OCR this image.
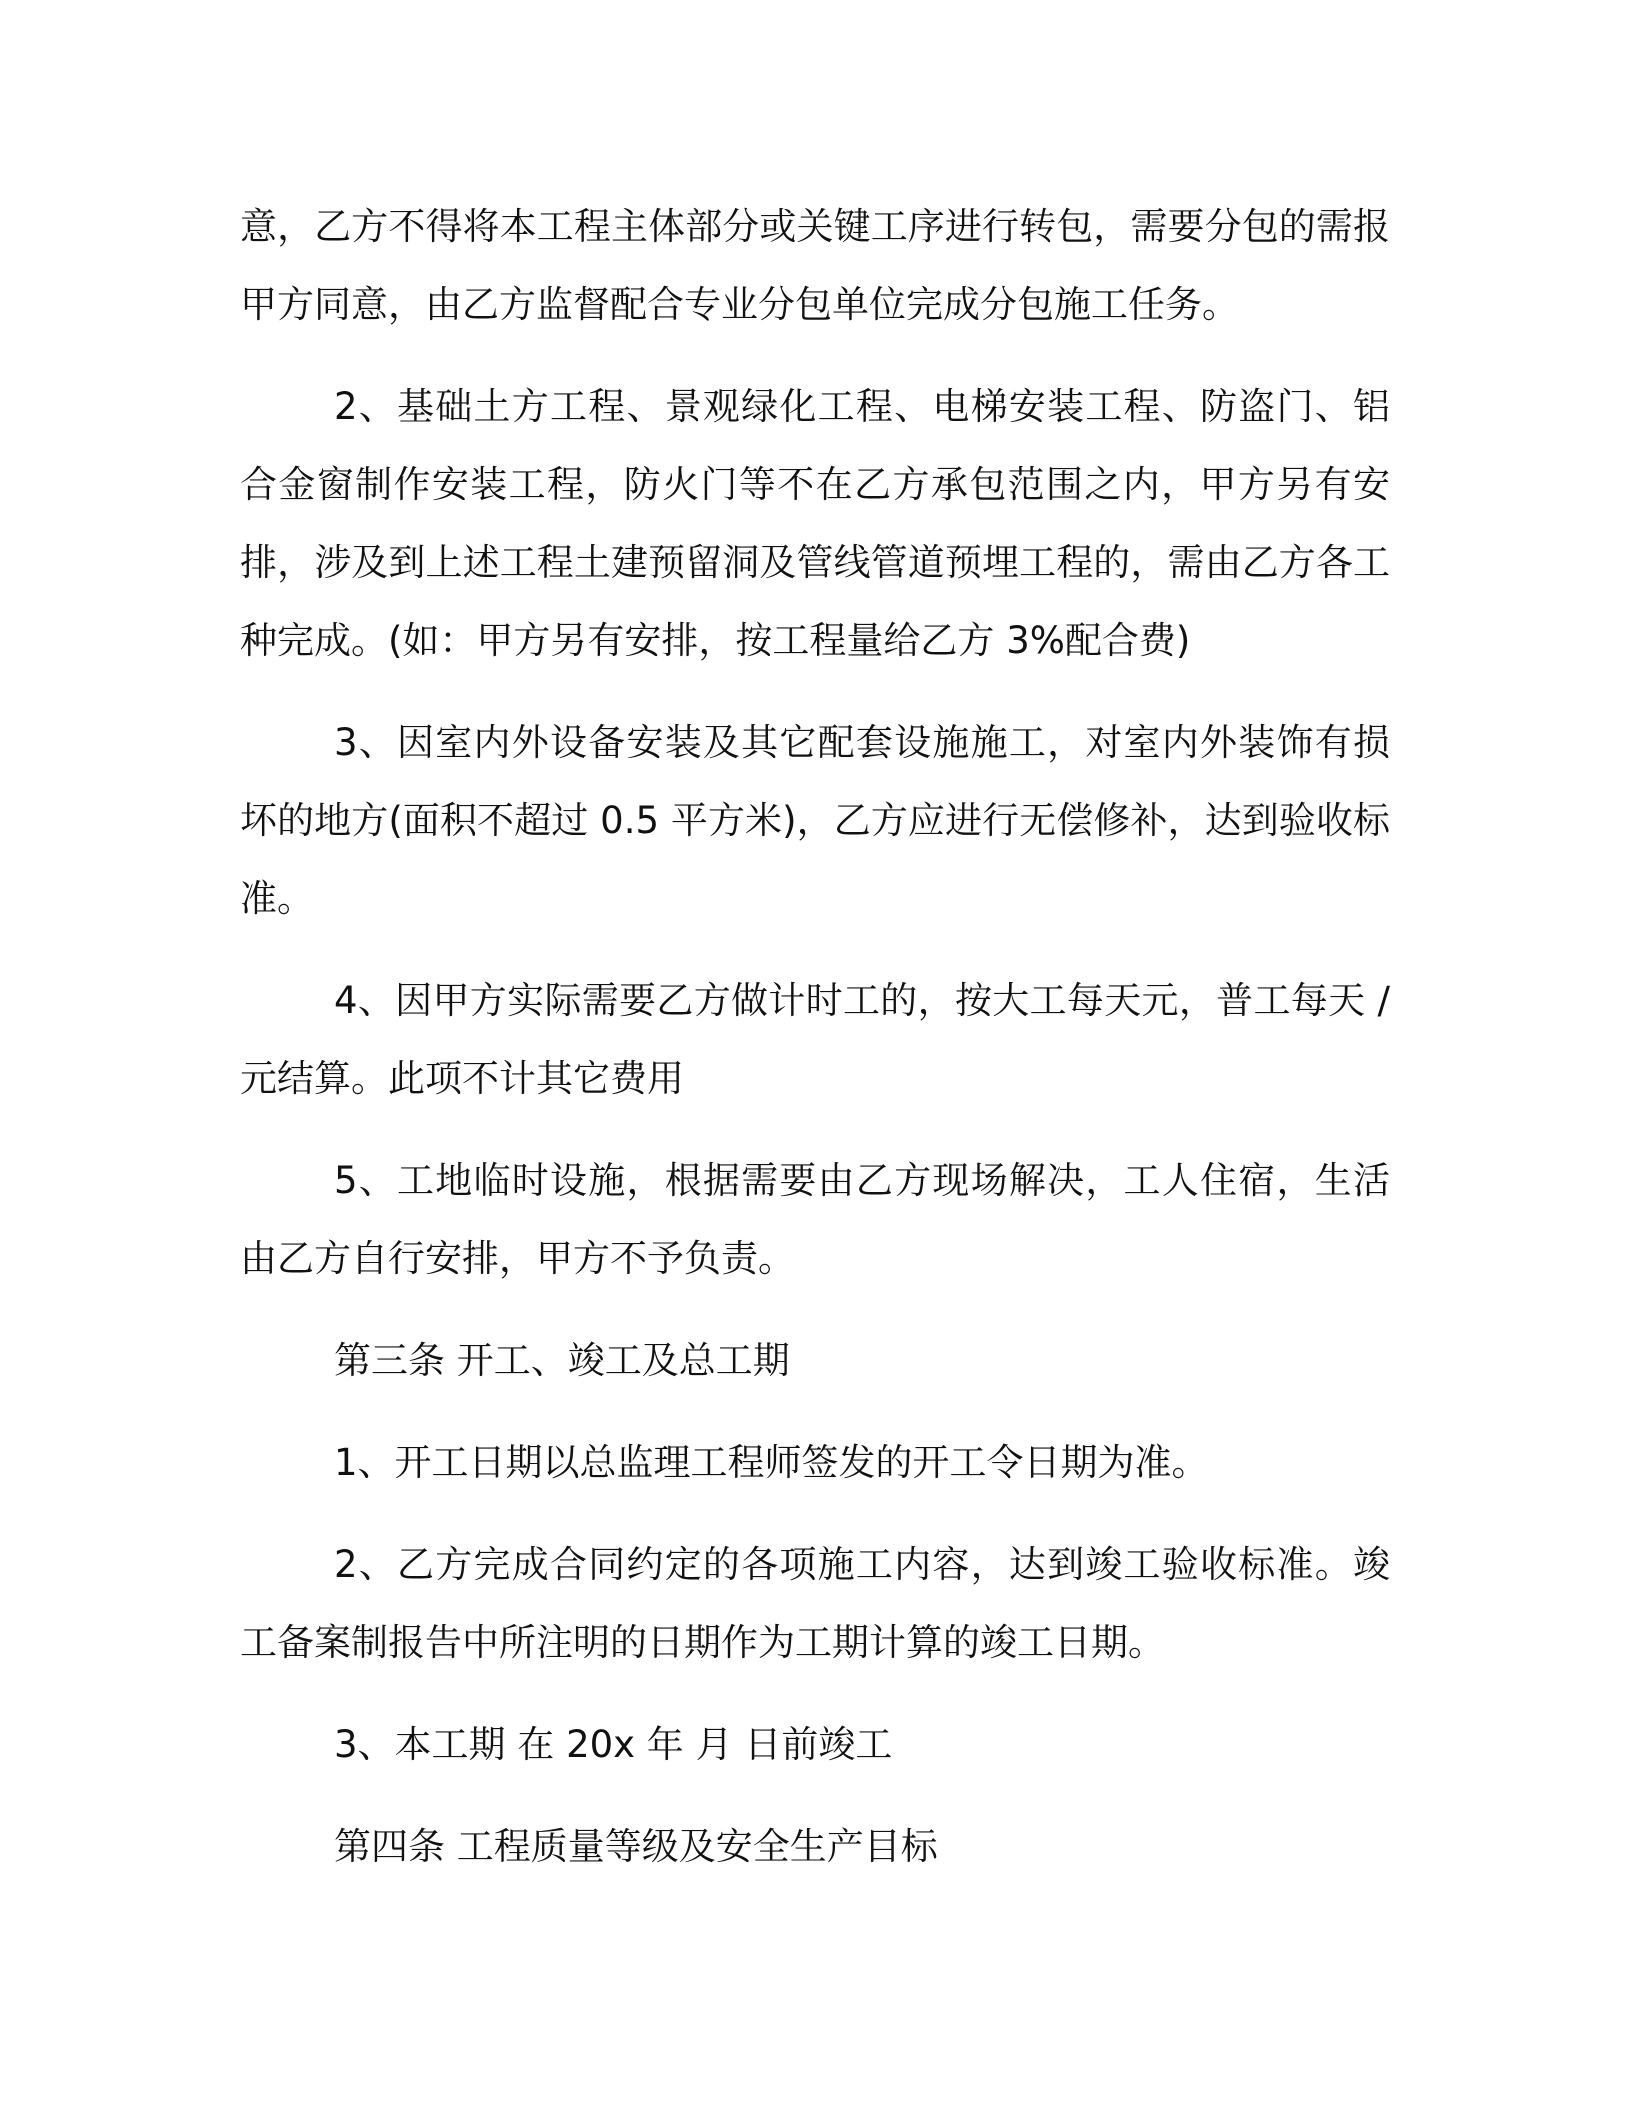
意，乙方不得将本工程主体部分或关键工序进行转包，需要分包的需报甲方同意，由乙方监督配合专业分包单位完成分包施工任务。

2、基础土方工程、景观绿化工程、电梯安装工程、防盗门、铝合金窗制作安装工程，防火门等不在乙方承包范围之内，甲方另有安排，涉及到上述工程土建预留洞及管线管道预埋工程的，需由乙方各工种完成。(如：甲方另有安排，按工程量给乙方 3%配合费)

3、因室内外设备安装及其它配套设施施工，对室内外装饰有损坏的地方(面积不超过 0.5 平方米)，乙方应进行无偿修补，达到验收标准。

4、因甲方实际需要乙方做计时工的，按大工每天元，普工每天 /元结算。此项不计其它费用

5、工地临时设施，根据需要由乙方现场解决，工人住宿，生活由乙方自行安排，甲方不予负责。

第三条 开工、竣工及总工期

1、开工日期以总监理工程师签发的开工令日期为准。

2、乙方完成合同约定的各项施工内容，达到竣工验收标准。竣工备案制报告中所注明的日期作为工期计算的竣工日期。

3、本工期 在 20x 年 月 日前竣工

第四条 工程质量等级及安全生产目标
